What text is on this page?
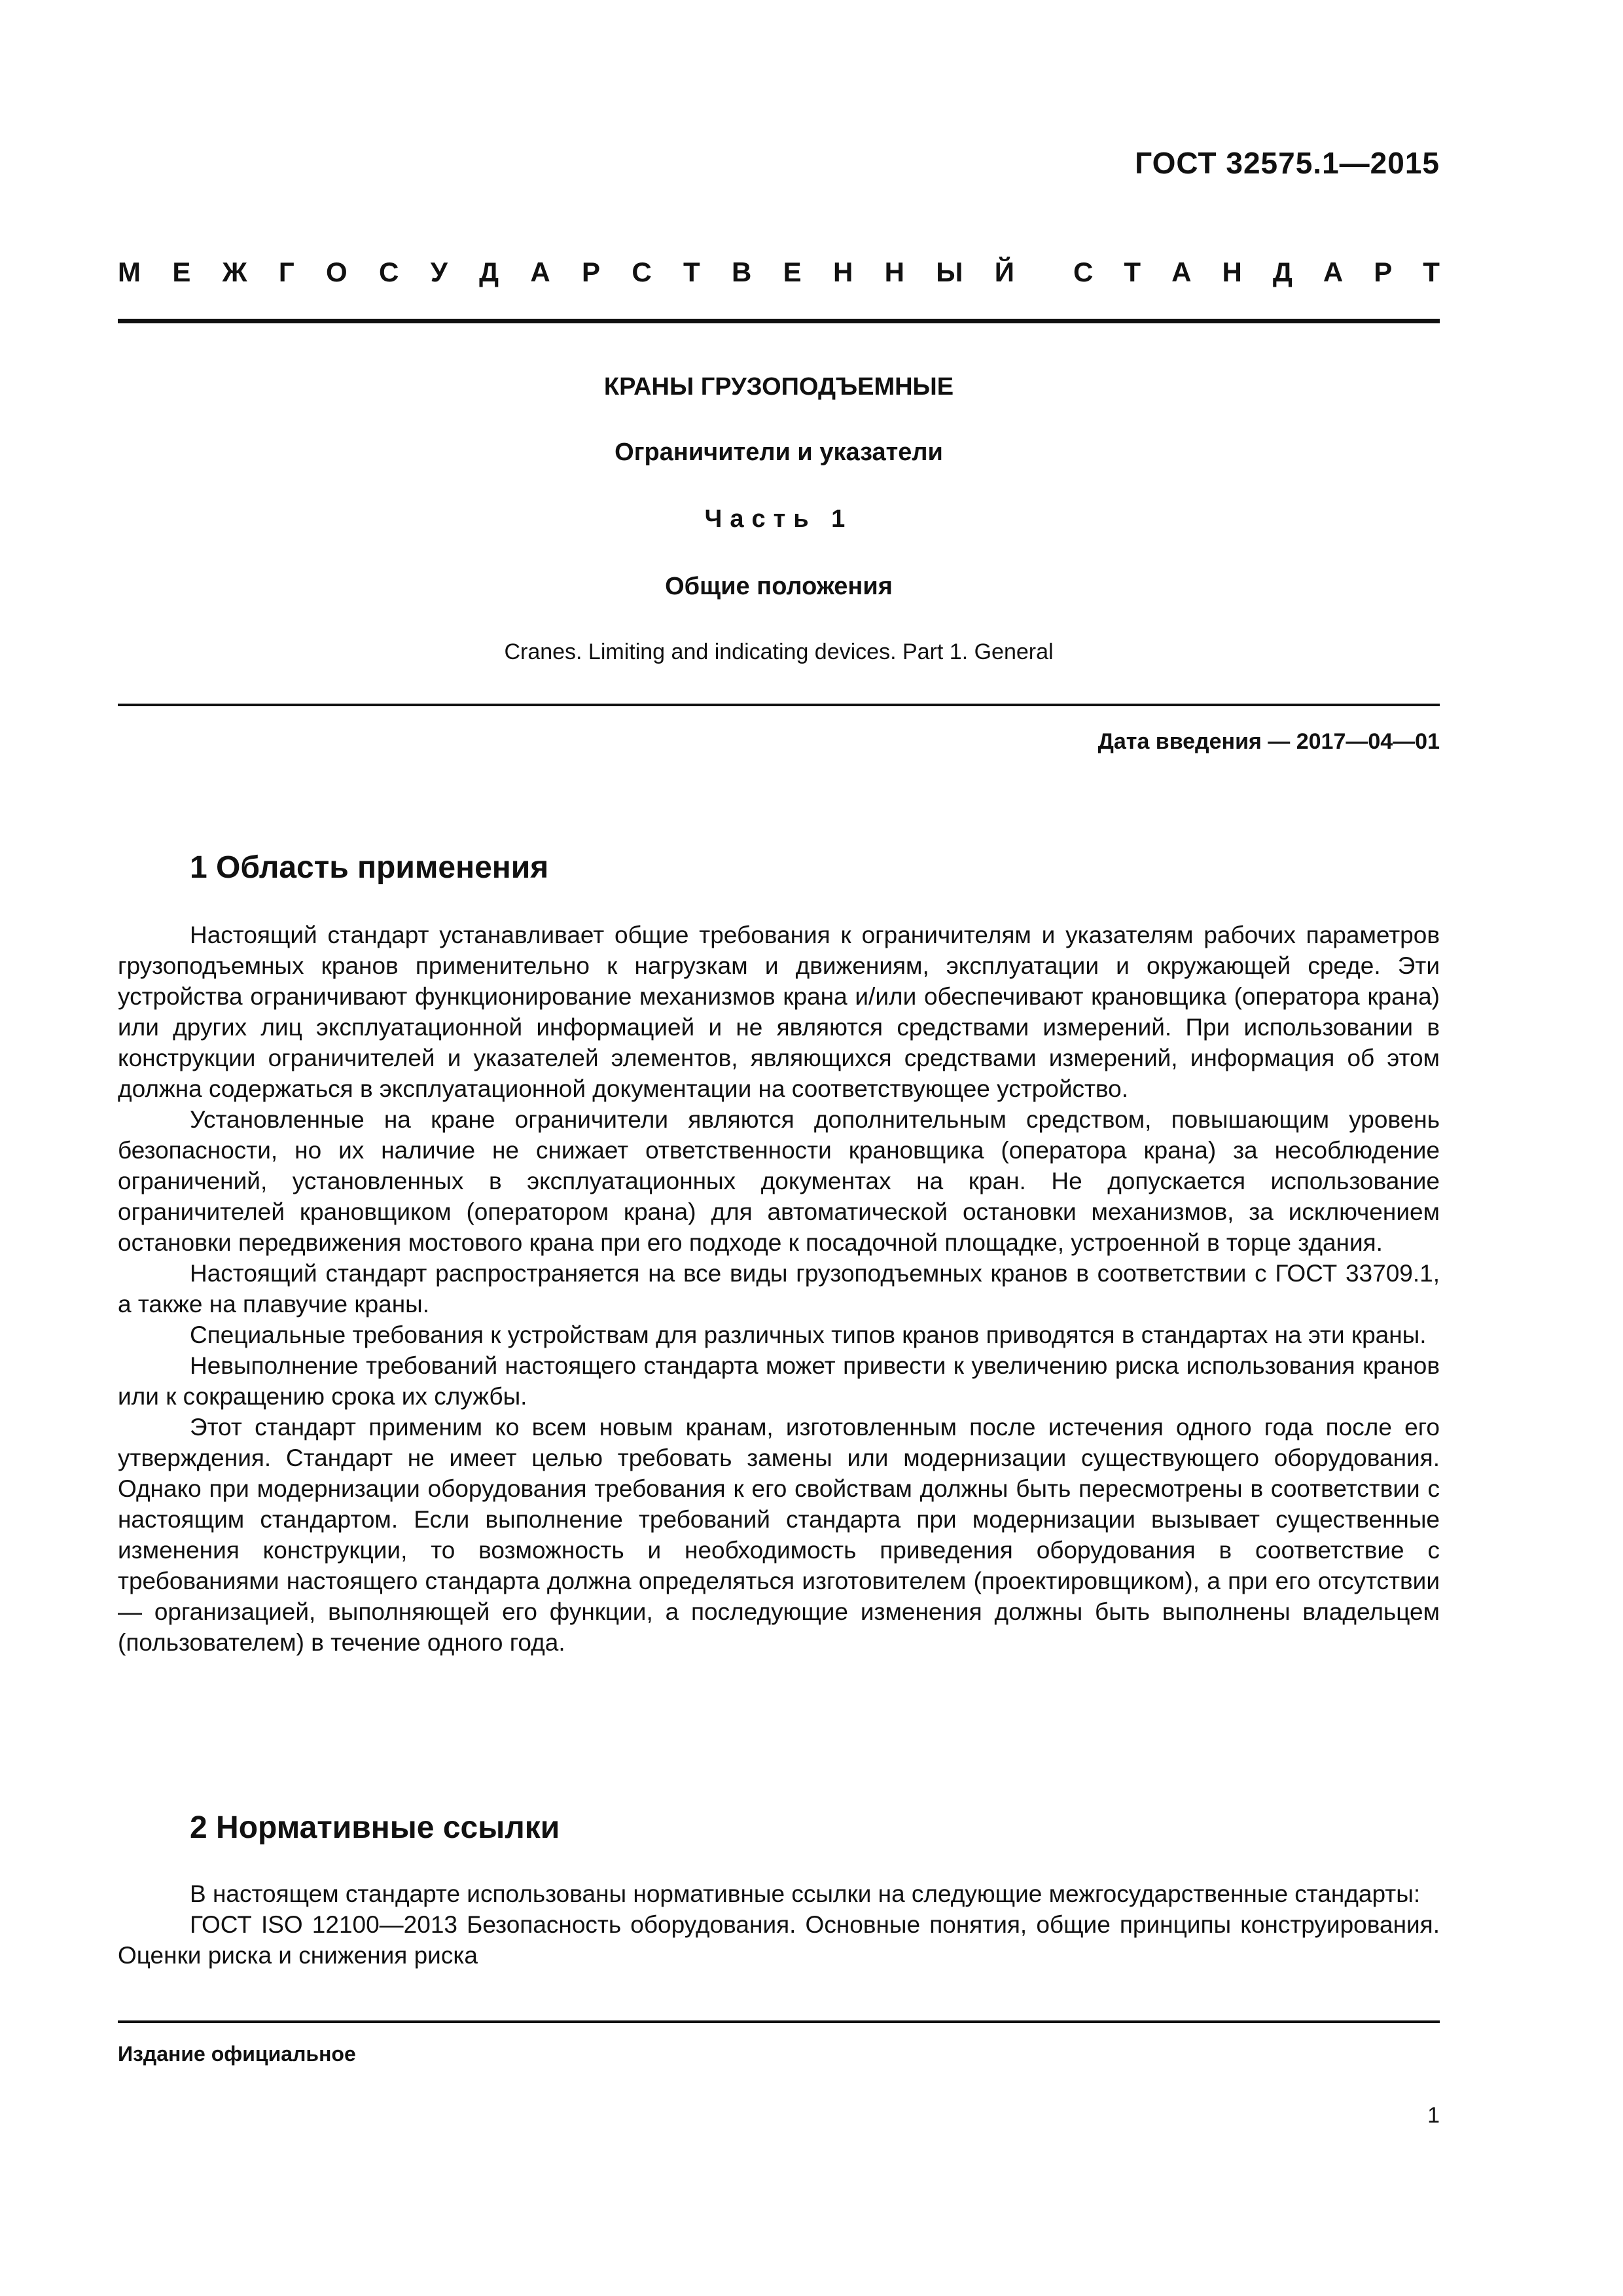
ГОСТ 32575.1—2015
М Е Ж Г О С У Д А Р С Т В Е Н Н Ы Й С Т А Н Д А Р Т
КРАНЫ ГРУЗОПОДЪЕМНЫЕ
Ограничители и указатели
Часть 1
Общие положения
Cranes. Limiting and indicating devices. Part 1. General
Дата введения — 2017—04—01
1 Область применения

Настоящий стандарт устанавливает общие требования к ограничителям и указателям рабочих параметров грузоподъемных кранов применительно к нагрузкам и движениям, эксплуатации и окружающей среде. Эти устройства ограничивают функционирование механизмов крана и/или обеспечивают крановщика (оператора крана) или других лиц эксплуатационной информацией и не являются средствами измерений. При использовании в конструкции ограничителей и указателей элементов, являющихся средствами измерений, информация об этом должна содержаться в эксплуатационной документации на соответствующее устройство.

Установленные на кране ограничители являются дополнительным средством, повышающим уровень безопасности, но их наличие не снижает ответственности крановщика (оператора крана) за несоблюдение ограничений, установленных в эксплуатационных документах на кран. Не допускается использование ограничителей крановщиком (оператором крана) для автоматической остановки механизмов, за исключением остановки передвижения мостового крана при его подходе к посадочной площадке, устроенной в торце здания.

Настоящий стандарт распространяется на все виды грузоподъемных кранов в соответствии с ГОСТ 33709.1, а также на плавучие краны.

Специальные требования к устройствам для различных типов кранов приводятся в стандартах на эти краны.

Невыполнение требований настоящего стандарта может привести к увеличению риска использования кранов или к сокращению срока их службы.

Этот стандарт применим ко всем новым кранам, изготовленным после истечения одного года после его утверждения. Стандарт не имеет целью требовать замены или модернизации существующего оборудования. Однако при модернизации оборудования требования к его свойствам должны быть пересмотрены в соответствии с настоящим стандартом. Если выполнение требований стандарта при модернизации вызывает существенные изменения конструкции, то возможность и необходимость приведения оборудования в соответствие с требованиями настоящего стандарта должна определяться изготовителем (проектировщиком), а при его отсутствии — организацией, выполняющей его функции, а последующие изменения должны быть выполнены владельцем (пользователем) в течение одного года.

2 Нормативные ссылки

В настоящем стандарте использованы нормативные ссылки на следующие межгосударственные стандарты:

ГОСТ ISO 12100—2013 Безопасность оборудования. Основные понятия, общие принципы конструирования. Оценки риска и снижения риска

Издание официальное
1
